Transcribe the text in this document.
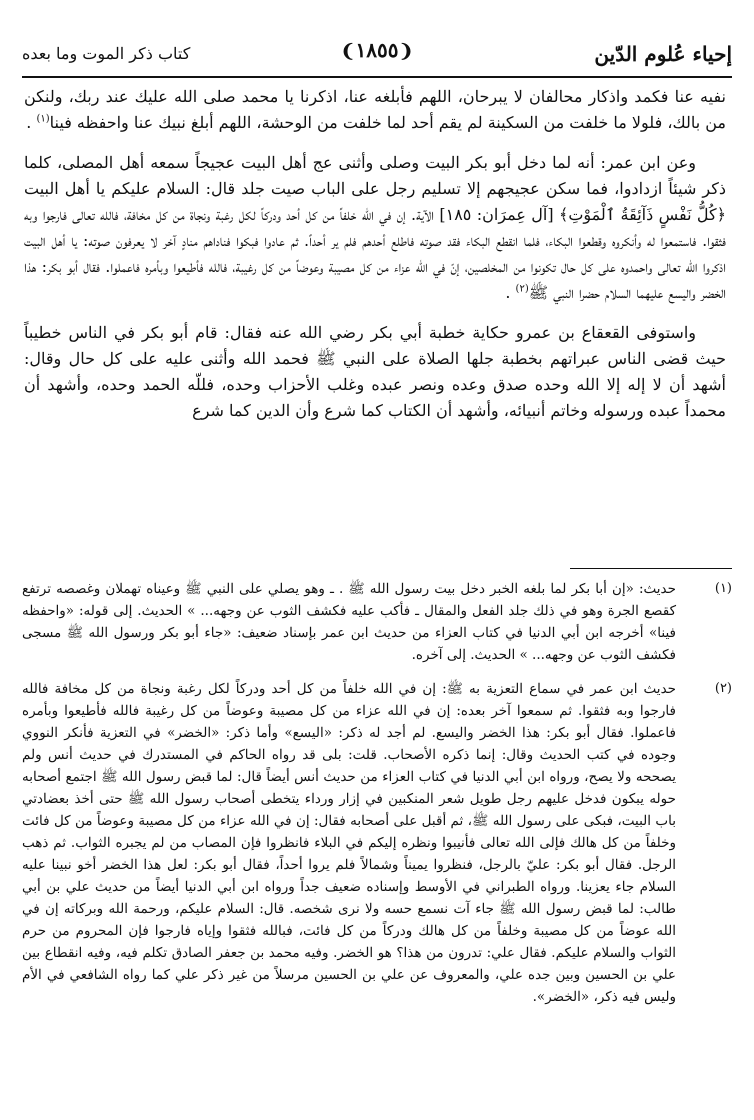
إحياء عُلوم الدّين
❨١٨٥٥❩
كتاب ذكر الموت وما بعده

نفيه عنا فكمد واذكار محالفان لا يبرحان، اللهم فأبلغه عنا، اذكرنا يا محمد صلى الله عليك عند ربك، ولنكن من بالك، فلولا ما خلفت من السكينة لم يقم أحد لما خلفت من الوحشة، اللهم أبلغ نبيك عنا واحفظه فينا$^{(١)}$ .

وعن ابن عمر: أنه لما دخل أبو بكر البيت وصلى وأثنى عج أهل البيت عجيجاً سمعه أهل المصلى، كلما ذكر شيئاً ازدادوا، فما سكن عجيجهم إلا تسليم رجل على الباب صيت جلد قال: السلام عليكم يا أهل البيت ﴿كُلُّ نَفْسٍ ذَآئِقَةُ ٱلْمَوْتِ﴾ [آل عِمرَان: ١٨٥] الآية. إن في الله خلفاً من كل أحد ودركاً لكل رغبة ونجاة من كل مخافة، فالله تعالى فارجوا وبه فثقوا. فاستمعوا له وأنكروه وقطعوا البكاء، فلما انقطع البكاء فقد صوته فاطلع أحدهم فلم ير أحداً. ثم عادوا فبكوا فناداهم منادٍ آخر لا يعرفون صوته: يا أهل البيت اذكروا الله تعالى واحمدوه على كل حال تكونوا من المخلصين، إنّ في الله عزاء من كل مصيبة وعوضاً من كل رغيبة، فالله فأطيعوا وبأمره فاعملوا. فقال أبو بكر: هذا الخضر واليسع عليهما السلام حضرا النبي ﷺ$^{(٢)}$ .

واستوفى القعقاع بن عمرو حكاية خطبة أبي بكر رضي الله عنه فقال: قام أبو بكر في الناس خطيباً حيث قضى الناس عبراتهم بخطبة جلها الصلاة على النبي ﷺ فحمد الله وأثنى عليه على كل حال وقال: أشهد أن لا إله إلا الله وحده صدق وعده ونصر عبده وغلب الأحزاب وحده، فللّه الحمد وحده، وأشهد أن محمداً عبده ورسوله وخاتم أنبيائه، وأشهد أن الكتاب كما شرع وأن الدين كما شرع

(١)
حديث: «إن أبا بكر لما بلغه الخبر دخل بيت رسول الله ﷺ . ـ وهو يصلي على النبي ﷺ وعيناه تهملان وغصصه ترتفع كقصع الجرة وهو في ذلك جلد الفعل والمقال ـ فأكب عليه فكشف الثوب عن وجهه... » الحديث. إلى قوله: «واحفظه فينا» أخرجه ابن أبي الدنيا في كتاب العزاء من حديث ابن عمر بإسناد ضعيف: «جاء أبو بكر ورسول الله ﷺ مسجى فكشف الثوب عن وجهه... » الحديث. إلى آخره.
(٢)
حديث ابن عمر في سماع التعزية به ﷺ: إن في الله خلفاً من كل أحد ودركاً لكل رغبة ونجاة من كل مخافة فالله فارجوا وبه فثقوا. ثم سمعوا آخر بعده: إن في الله عزاء من كل مصيبة وعوضاً من كل رغيبة فالله فأطيعوا وبأمره فاعملوا. فقال أبو بكر: هذا الخضر واليسع. لم أجد له ذكر: «اليسع» وأما ذكر: «الخضر» في التعزية فأنكر النووي وجوده في كتب الحديث وقال: إنما ذكره الأصحاب. قلت: بلى قد رواه الحاكم في المستدرك في حديث أنس ولم يصححه ولا يصح، ورواه ابن أبي الدنيا في كتاب العزاء من حديث أنس أيضاً قال: لما قبض رسول الله ﷺ اجتمع أصحابه حوله يبكون فدخل عليهم رجل طويل شعر المنكبين في إزار ورداء يتخطى أصحاب رسول الله ﷺ حتى أخذ بعضادتي باب البيت، فبكى على رسول الله ﷺ، ثم أقبل على أصحابه فقال: إن في الله عزاء من كل مصيبة وعوضاً من كل فائت وخلفاً من كل هالك فإلى الله تعالى فأنيبوا ونظره إليكم في البلاء فانظروا فإن المصاب من لم يجبره الثواب. ثم ذهب الرجل. فقال أبو بكر: عليّ بالرجل، فنظروا يميناً وشمالاً فلم يروا أحداً، فقال أبو بكر: لعل هذا الخضر أخو نبينا عليه السلام جاء يعزينا. ورواه الطبراني في الأوسط وإسناده ضعيف جداً ورواه ابن أبي الدنيا أيضاً من حديث علي بن أبي طالب: لما قبض رسول الله ﷺ جاء آت نسمع حسه ولا نرى شخصه. قال: السلام عليكم، ورحمة الله وبركاته إن في الله عوضاً من كل مصيبة وخلفاً من كل هالك ودركاً من كل فائت، فبالله فثقوا وإياه فارجوا فإن المحروم من حرم الثواب والسلام عليكم. فقال علي: تدرون من هذا؟ هو الخضر. وفيه محمد بن جعفر الصادق تكلم فيه، وفيه انقطاع بين علي بن الحسين وبين جده علي، والمعروف عن علي بن الحسين مرسلاً من غير ذكر علي كما رواه الشافعي في الأم وليس فيه ذكر، «الخضر».
